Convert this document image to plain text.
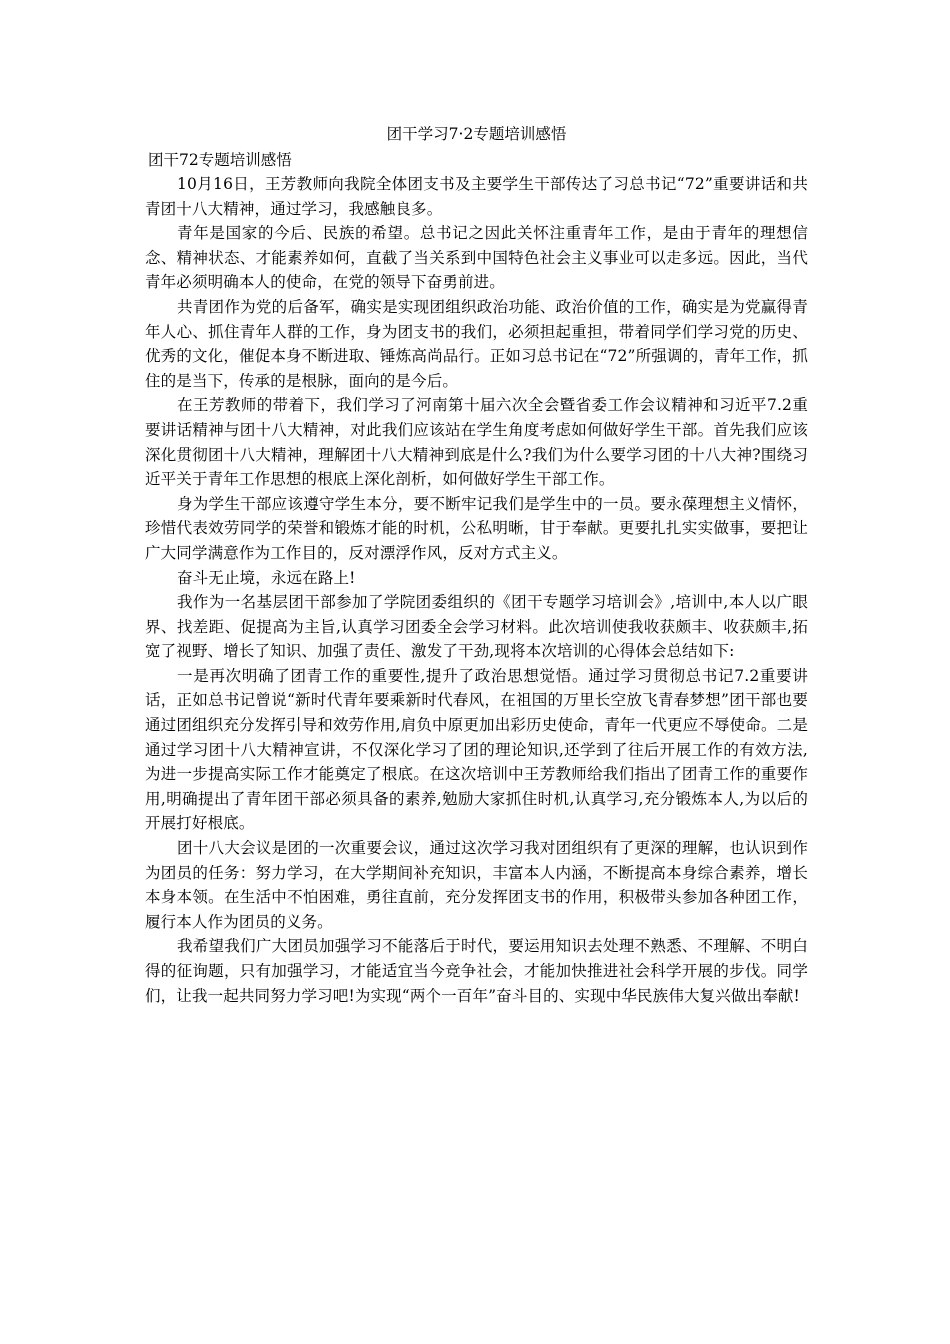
团干学习7·2专题培训感悟
团干72专题培训感悟

10月16日，王芳教师向我院全体团支书及主要学生干部传达了习总书记“72”重要讲话和共青团十八大精神，通过学习，我感触良多。

青年是国家的今后、民族的希望。总书记之因此关怀注重青年工作，是由于青年的理想信念、精神状态、才能素养如何，直截了当关系到中国特色社会主义事业可以走多远。因此，当代青年必须明确本人的使命，在党的领导下奋勇前进。

共青团作为党的后备军，确实是实现团组织政治功能、政治价值的工作，确实是为党赢得青年人心、抓住青年人群的工作，身为团支书的我们，必须担起重担，带着同学们学习党的历史、优秀的文化，催促本身不断进取、锤炼高尚品行。正如习总书记在“72”所强调的，青年工作，抓住的是当下，传承的是根脉，面向的是今后。

在王芳教师的带着下，我们学习了河南第十届六次全会暨省委工作会议精神和习近平7.2重要讲话精神与团十八大精神，对此我们应该站在学生角度考虑如何做好学生干部。首先我们应该深化贯彻团十八大精神，理解团十八大精神到底是什么?我们为什么要学习团的十八大神?围绕习近平关于青年工作思想的根底上深化剖析，如何做好学生干部工作。

身为学生干部应该遵守学生本分，要不断牢记我们是学生中的一员。要永葆理想主义情怀，珍惜代表效劳同学的荣誉和锻炼才能的时机，公私明晰，甘于奉献。更要扎扎实实做事，要把让广大同学满意作为工作目的，反对漂浮作风，反对方式主义。

奋斗无止境，永远在路上!

我作为一名基层团干部参加了学院团委组织的《团干专题学习培训会》,培训中,本人以广眼界、找差距、促提高为主旨,认真学习团委全会学习材料。此次培训使我收获颇丰、收获颇丰,拓宽了视野、增长了知识、加强了责任、激发了干劲,现将本次培训的心得体会总结如下:

一是再次明确了团青工作的重要性,提升了政治思想觉悟。通过学习贯彻总书记7.2重要讲话，正如总书记曾说“新时代青年要乘新时代春风，在祖国的万里长空放飞青春梦想”团干部也要通过团组织充分发挥引导和效劳作用,肩负中原更加出彩历史使命，青年一代更应不辱使命。二是通过学习团十八大精神宣讲，不仅深化学习了团的理论知识,还学到了往后开展工作的有效方法,为进一步提高实际工作才能奠定了根底。在这次培训中王芳教师给我们指出了团青工作的重要作用,明确提出了青年团干部必须具备的素养,勉励大家抓住时机,认真学习,充分锻炼本人,为以后的开展打好根底。

团十八大会议是团的一次重要会议，通过这次学习我对团组织有了更深的理解，也认识到作为团员的任务：努力学习，在大学期间补充知识，丰富本人内涵，不断提高本身综合素养，增长本身本领。在生活中不怕困难，勇往直前，充分发挥团支书的作用，积极带头参加各种团工作，履行本人作为团员的义务。

我希望我们广大团员加强学习不能落后于时代，要运用知识去处理不熟悉、不理解、不明白得的征询题，只有加强学习，才能适宜当今竞争社会，才能加快推进社会科学开展的步伐。同学们，让我一起共同努力学习吧!为实现“两个一百年”奋斗目的、实现中华民族伟大复兴做出奉献!
